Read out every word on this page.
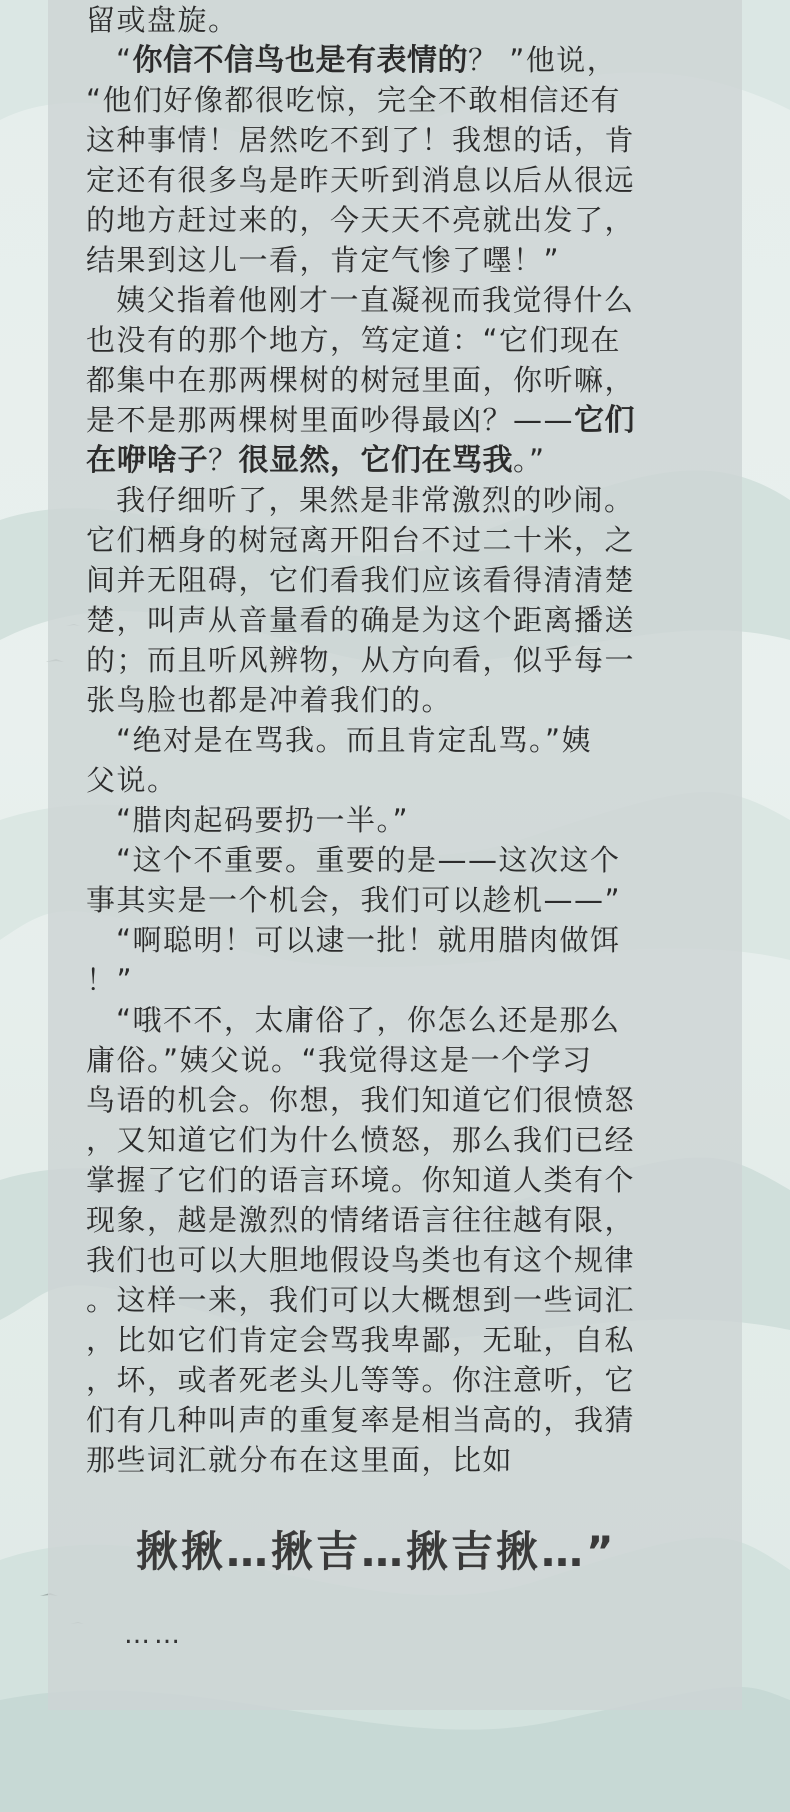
留或盘旋。
“你信不信鸟也是有表情的？ ”他说，
“他们好像都很吃惊，完全不敢相信还有
这种事情！居然吃不到了！我想的话，肯
定还有很多鸟是昨天听到消息以后从很远
的地方赶过来的，今天天不亮就出发了，
结果到这儿一看，肯定气惨了嚜！”
姨父指着他刚才一直凝视而我觉得什么
也没有的那个地方，笃定道：“它们现在
都集中在那两棵树的树冠里面，你听嘛，
是不是那两棵树里面吵得最凶？——它们
在咿啥子？很显然，它们在骂我。”
我仔细听了，果然是非常激烈的吵闹。
它们栖身的树冠离开阳台不过二十米，之
间并无阻碍，它们看我们应该看得清清楚
楚，叫声从音量看的确是为这个距离播送
的；而且听风辨物，从方向看，似乎每一
张鸟脸也都是冲着我们的。
“绝对是在骂我。而且肯定乱骂。”姨
父说。
“腊肉起码要扔一半。”
“这个不重要。重要的是——这次这个
事其实是一个机会，我们可以趁机——”
“啊聪明！可以逮一批！就用腊肉做饵
！”
“哦不不，太庸俗了，你怎么还是那么
庸俗。”姨父说。“我觉得这是一个学习
鸟语的机会。你想，我们知道它们很愤怒
，又知道它们为什么愤怒，那么我们已经
掌握了它们的语言环境。你知道人类有个
现象，越是激烈的情绪语言往往越有限，
我们也可以大胆地假设鸟类也有这个规律
。这样一来，我们可以大概想到一些词汇
，比如它们肯定会骂我卑鄙，无耻，自私
，坏，或者死老头儿等等。你注意听，它
们有几种叫声的重复率是相当高的，我猜
那些词汇就分布在这里面，比如
揪揪…揪吉…揪吉揪…”
……
